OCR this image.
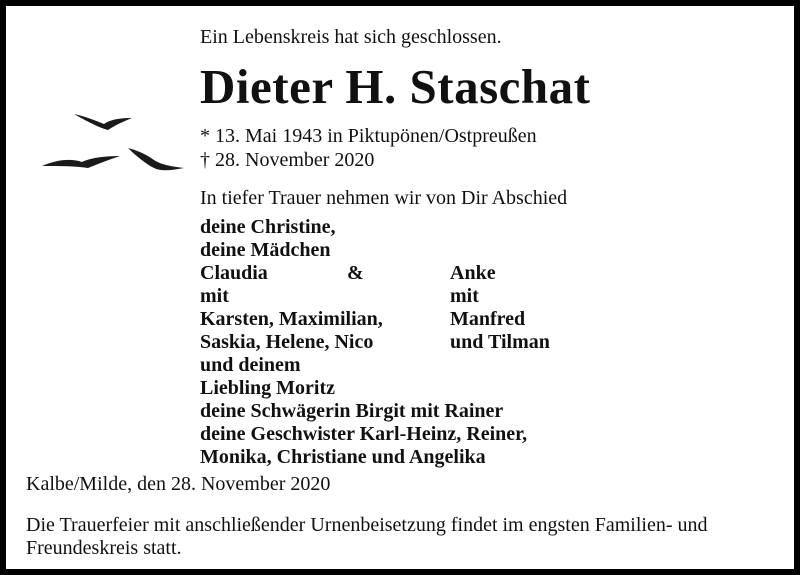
Ein Lebenskreis hat sich geschlossen.
Dieter H. Staschat
* 13. Mai 1943 in Piktupönen/Ostpreußen
† 28. November 2020
In tiefer Trauer nehmen wir von Dir Abschied
deine Christine,
deine Mädchen
Claudia	&	Anke
mit	mit
Karsten, Maximilian,	Manfred
Saskia, Helene, Nico	und Tilman
und deinem
Liebling Moritz
deine Schwägerin Birgit mit Rainer
deine Geschwister Karl-Heinz, Reiner,
Monika, Christiane und Angelika
Kalbe/Milde, den 28. November 2020
Die Trauerfeier mit anschließender Urnenbeisetzung findet im engsten Familien- und Freundeskreis statt.
